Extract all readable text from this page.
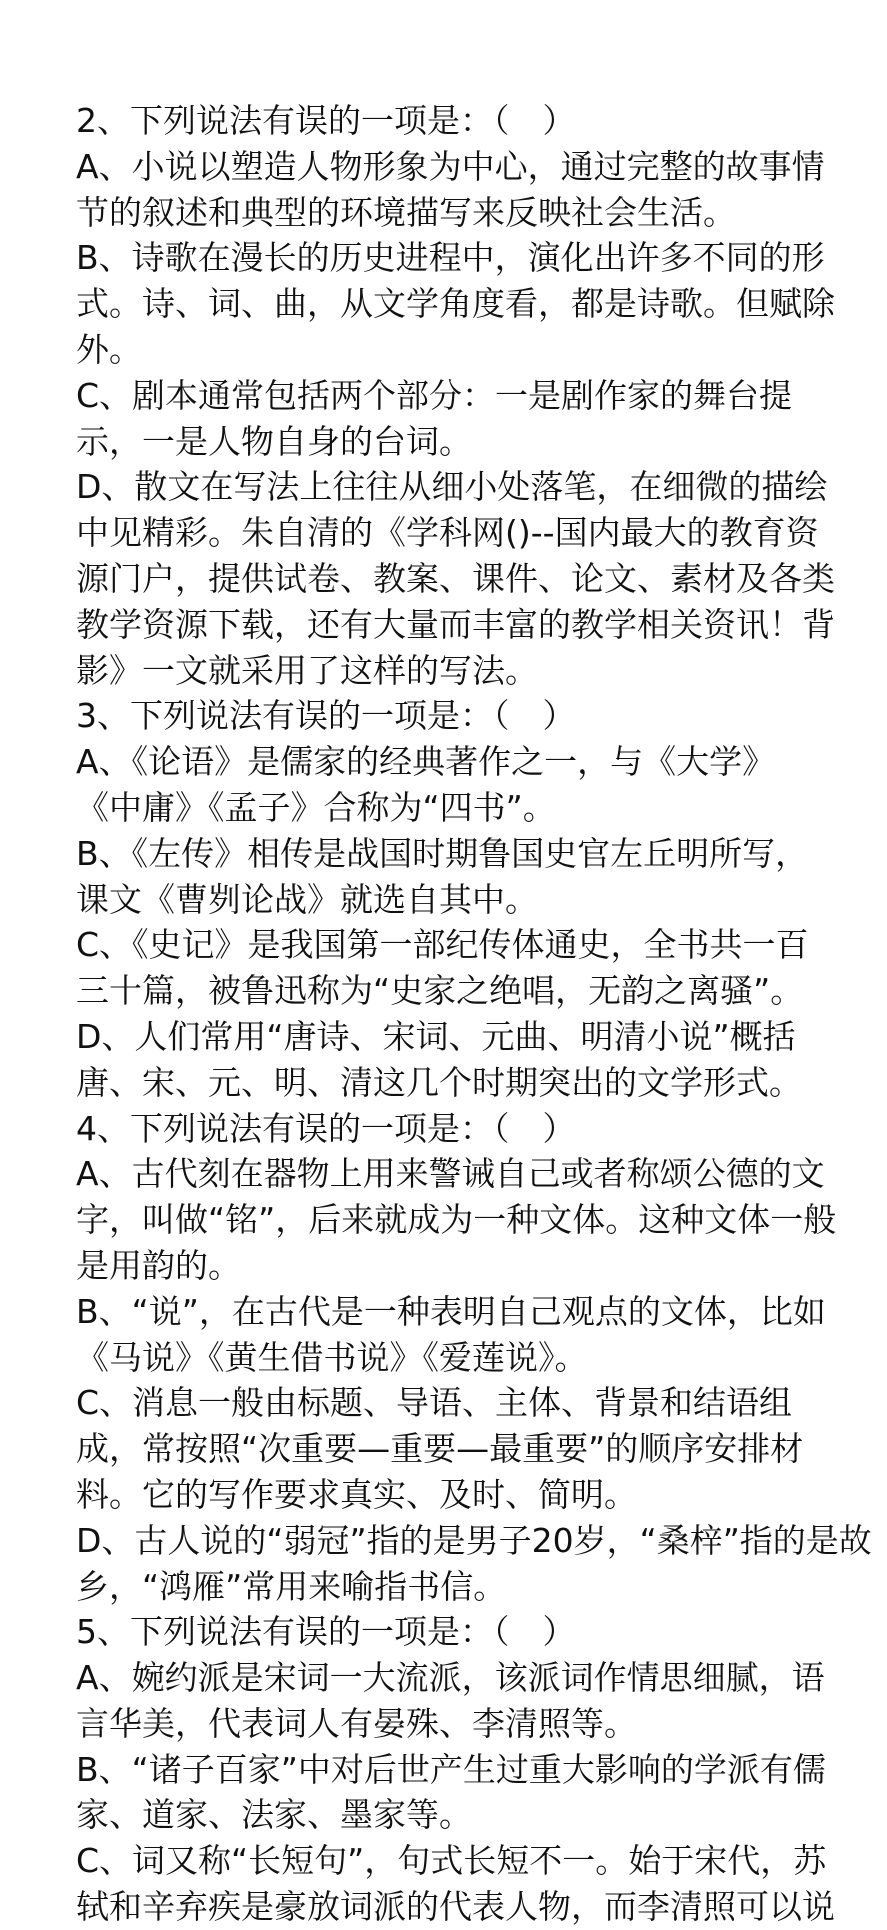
2、下列说法有误的一项是：（　）
A、小说以塑造人物形象为中心，通过完整的故事情
节的叙述和典型的环境描写来反映社会生活。
B、诗歌在漫长的历史进程中，演化出许多不同的形
式。诗、词、曲，从文学角度看，都是诗歌。但赋除
外。
C、剧本通常包括两个部分：一是剧作家的舞台提
示，一是人物自身的台词。
D、散文在写法上往往从细小处落笔，在细微的描绘
中见精彩。朱自清的《学科网()--国内最大的教育资
源门户，提供试卷、教案、课件、论文、素材及各类
教学资源下载，还有大量而丰富的教学相关资讯！背
影》一文就采用了这样的写法。
3、下列说法有误的一项是：（　）
A、《论语》是儒家的经典著作之一，与《大学》
《中庸》《孟子》合称为“四书”。
B、《左传》相传是战国时期鲁国史官左丘明所写，
课文《曹刿论战》就选自其中。
C、《史记》是我国第一部纪传体通史，全书共一百
三十篇，被鲁迅称为“史家之绝唱，无韵之离骚”。
D、人们常用“唐诗、宋词、元曲、明清小说”概括
唐、宋、元、明、清这几个时期突出的文学形式。
4、下列说法有误的一项是：（　）
A、古代刻在器物上用来警诫自己或者称颂公德的文
字，叫做“铭”，后来就成为一种文体。这种文体一般
是用韵的。
B、“说”，在古代是一种表明自己观点的文体，比如
《马说》《黄生借书说》《爱莲说》。
C、消息一般由标题、导语、主体、背景和结语组
成，常按照“次重要—重要—最重要”的顺序安排材
料。它的写作要求真实、及时、简明。
D、古人说的“弱冠”指的是男子20岁，“桑梓”指的是故
乡，“鸿雁”常用来喻指书信。
5、下列说法有误的一项是：（　）
A、婉约派是宋词一大流派，该派词作情思细腻，语
言华美，代表词人有晏殊、李清照等。
B、“诸子百家”中对后世产生过重大影响的学派有儒
家、道家、法家、墨家等。
C、词又称“长短句”，句式长短不一。始于宋代，苏
轼和辛弃疾是豪放词派的代表人物，而李清照可以说
